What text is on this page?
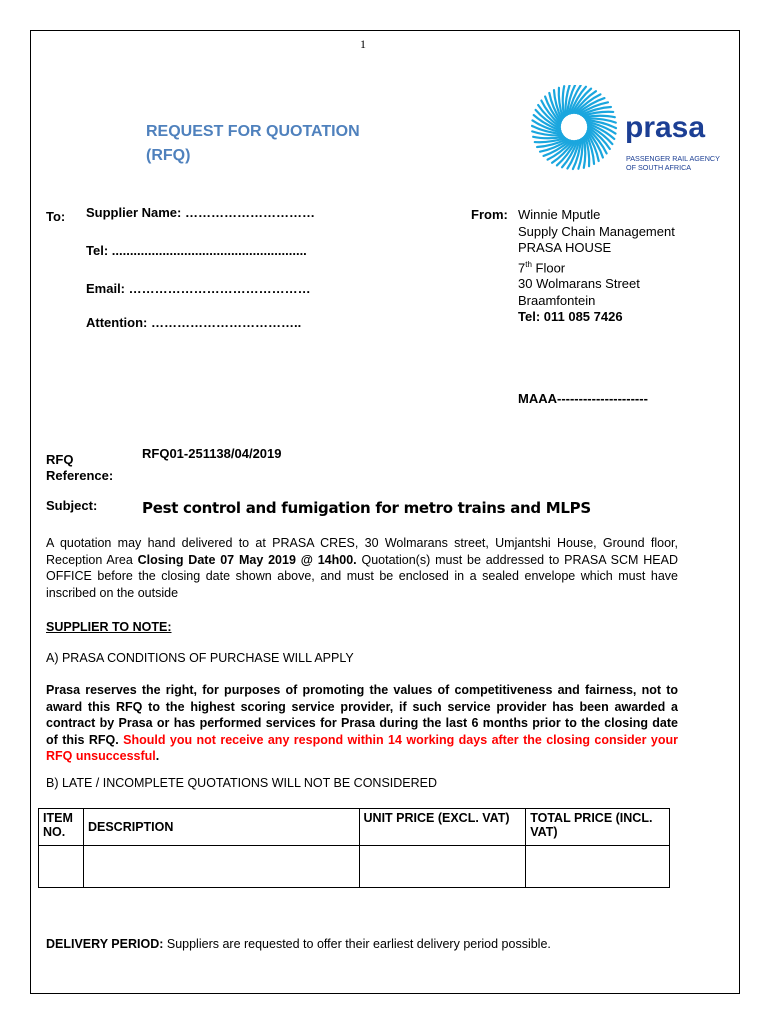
1
prasa
PASSENGER RAIL AGENCY
OF SOUTH AFRICA
REQUEST FOR QUOTATION
(RFQ)
To: Supplier Name: …………………………
Tel: ......................................................
Email: ……………………………………
Attention: ……………………………..
From: Winnie Mputle
Supply Chain Management
PRASA HOUSE
7th Floor
30 Wolmarans Street
Braamfontein
Tel: 011 085 7426
MAAA---------------------
RFQ
Reference:
RFQ01-251138/04/2019
Subject:	Pest control and fumigation for metro trains and MLPS
A quotation may hand delivered to at PRASA CRES, 30 Wolmarans street, Umjantshi House, Ground floor, Reception Area Closing Date 07 May 2019 @ 14h00. Quotation(s) must be addressed to PRASA SCM HEAD OFFICE before the closing date shown above, and must be enclosed in a sealed envelope which must have inscribed on the outside
SUPPLIER TO NOTE:
A) PRASA CONDITIONS OF PURCHASE WILL APPLY
Prasa reserves the right, for purposes of promoting the values of competitiveness and fairness, not to award this RFQ to the highest scoring service provider, if such service provider has been awarded a contract by Prasa or has performed services for Prasa during the last 6 months prior to the closing date of this RFQ. Should you not receive any respond within 14 working days after the closing consider your RFQ unsuccessful.
B) LATE / INCOMPLETE QUOTATIONS WILL NOT BE CONSIDERED
ITEM NO.	DESCRIPTION	UNIT PRICE (EXCL. VAT)	TOTAL PRICE (INCL. VAT)

DELIVERY PERIOD: Suppliers are requested to offer their earliest delivery period possible.
